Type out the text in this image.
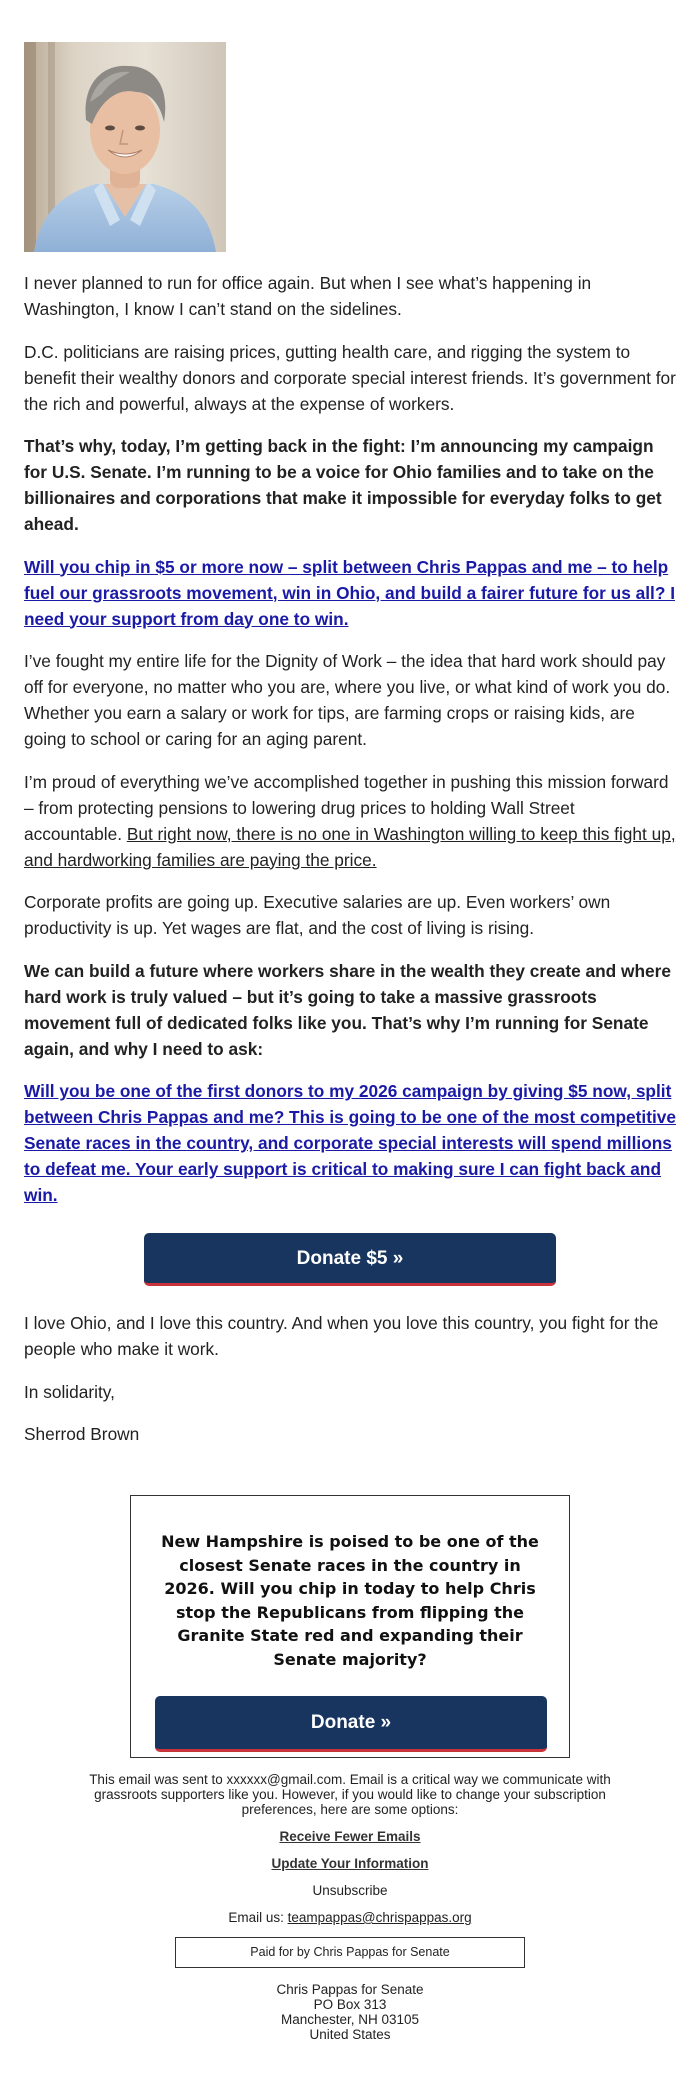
I never planned to run for office again. But when I see what’s happening in Washington, I know I can’t stand on the sidelines.

D.C. politicians are raising prices, gutting health care, and rigging the system to benefit their wealthy donors and corporate special interest friends. It’s government for the rich and powerful, always at the expense of workers.

That’s why, today, I’m getting back in the fight: I’m announcing my campaign for U.S. Senate. I’m running to be a voice for Ohio families and to take on the billionaires and corporations that make it impossible for everyday folks to get ahead.

Will you chip in $5 or more now – split between Chris Pappas and me – to help fuel our grassroots movement, win in Ohio, and build a fairer future for us all? I need your support from day one to win.

I’ve fought my entire life for the Dignity of Work – the idea that hard work should pay off for everyone, no matter who you are, where you live, or what kind of work you do. Whether you earn a salary or work for tips, are farming crops or raising kids, are going to school or caring for an aging parent.

I’m proud of everything we’ve accomplished together in pushing this mission forward – from protecting pensions to lowering drug prices to holding Wall Street accountable. But right now, there is no one in Washington willing to keep this fight up, and hardworking families are paying the price.

Corporate profits are going up. Executive salaries are up. Even workers’ own productivity is up. Yet wages are flat, and the cost of living is rising.

We can build a future where workers share in the wealth they create and where hard work is truly valued – but it’s going to take a massive grassroots movement full of dedicated folks like you. That’s why I’m running for Senate again, and why I need to ask:

Will you be one of the first donors to my 2026 campaign by giving $5 now, split between Chris Pappas and me? This is going to be one of the most competitive Senate races in the country, and corporate special interests will spend millions to defeat me. Your early support is critical to making sure I can fight back and win.

Donate $5 »

I love Ohio, and I love this country. And when you love this country, you fight for the people who make it work.

In solidarity,

Sherrod Brown

New Hampshire is poised to be one of the closest Senate races in the country in 2026. Will you chip in today to help Chris stop the Republicans from flipping the Granite State red and expanding their Senate majority?

Donate »
This email was sent to xxxxxx@gmail.com. Email is a critical way we communicate with grassroots supporters like you. However, if you would like to change your subscription preferences, here are some options:
Receive Fewer Emails
Update Your Information
Unsubscribe
Email us: teampappas@chrispappas.org
Paid for by Chris Pappas for Senate
Chris Pappas for Senate
PO Box 313
Manchester, NH 03105
United States
